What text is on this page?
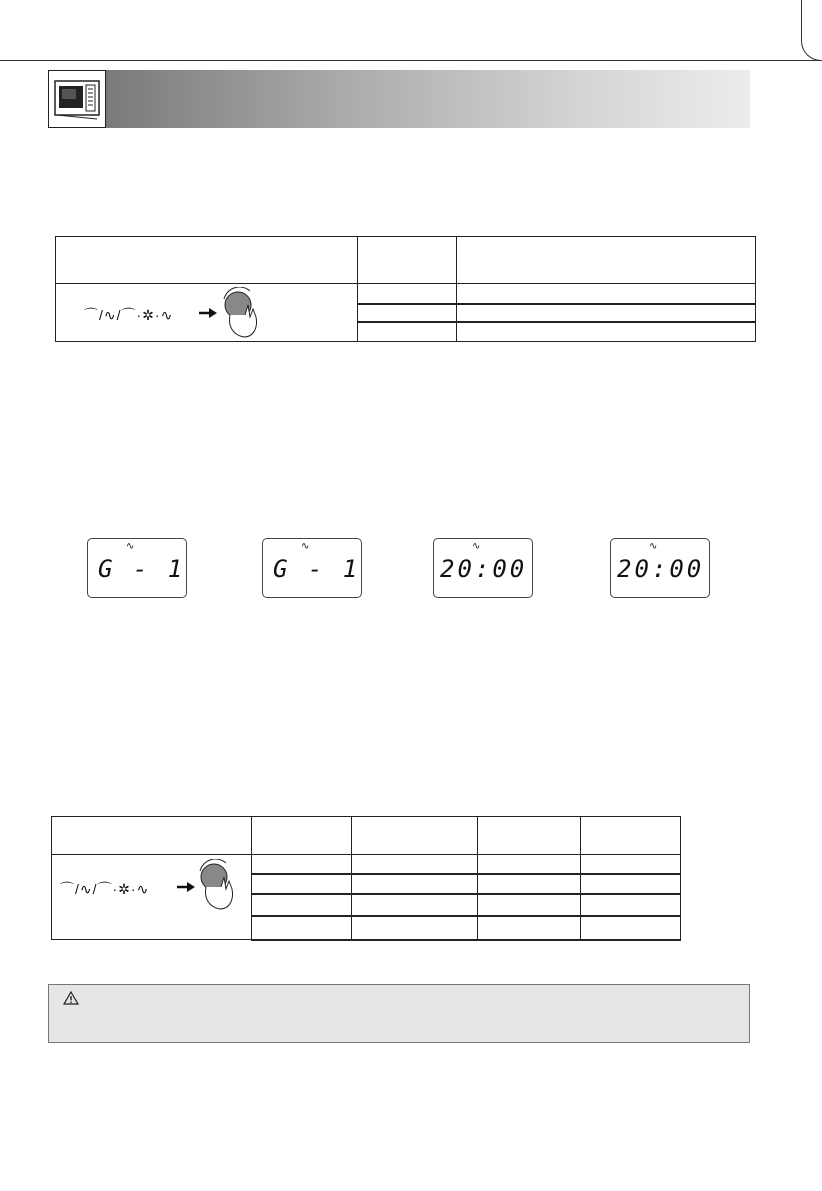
⌒/∿/⌒·✲·∿		

∿
G - 1
∿
G - 1
∿
20:00
∿
20:00

⌒/∿/⌒·✲·∿				
